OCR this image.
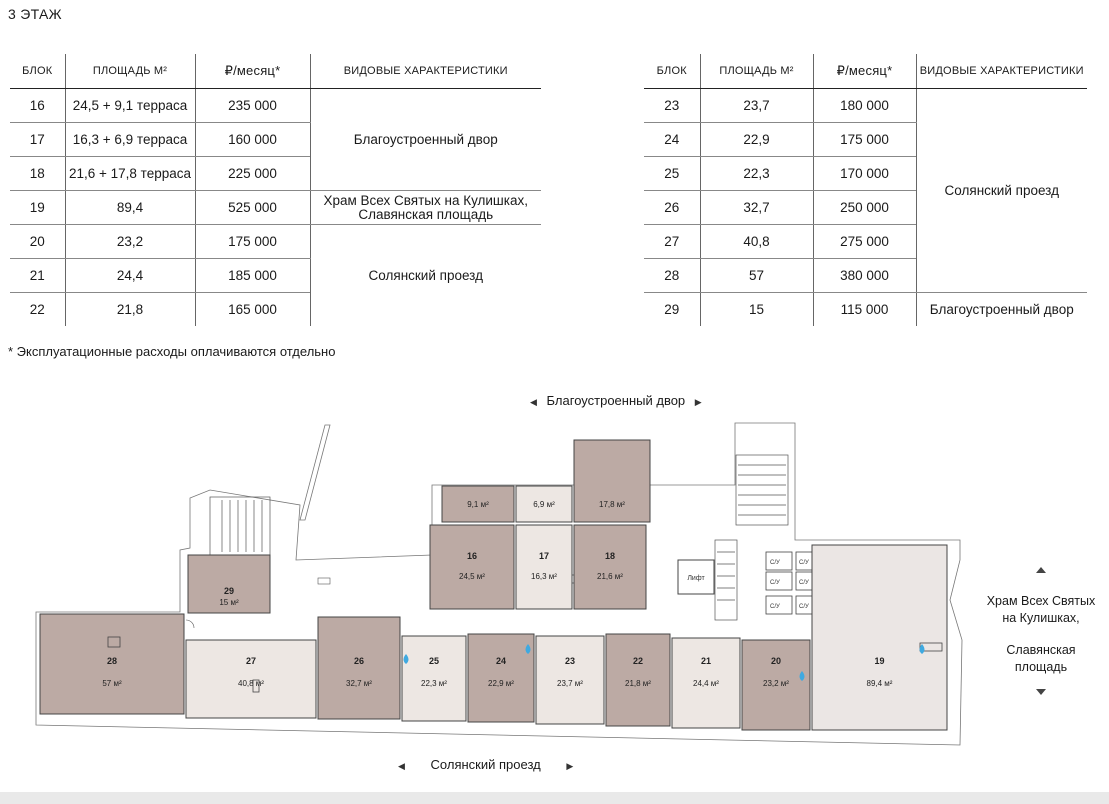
3 ЭТАЖ
БЛОК	ПЛОЩАДЬ М²	₽/месяц*	ВИДОВЫЕ ХАРАКТЕРИСТИКИ
16	24,5 + 9,1 терраса	235 000	Благоустроенный двор
17	16,3 + 6,9 терраса	160 000	
18	21,6 + 17,8 терраса	225 000	
19	89,4	525 000	Храм Всех Святых на Кулишках,
Славянская площадь

20	23,2	175 000	Солянский проезд
21	24,4	185 000	
22	21,8	165 000	
БЛОК	ПЛОЩАДЬ М²	₽/месяц*	ВИДОВЫЕ ХАРАКТЕРИСТИКИ
23	23,7	180 000	Солянский проезд
24	22,9	175 000	
25	22,3	170 000	
26	32,7	250 000	
27	40,8	275 000	
28	57	380 000	
29	15	115 000	Благоустроенный двор
* Эксплуатационные расходы оплачиваются отдельно
Лифт
С/У
С/У
С/У
С/У
С/У
С/У
28
57 м²
27
40,8 м²
26
32,7 м²
25
22,3 м²
24
22,9 м²
23
23,7 м²
22
21,8 м²
21
24,4 м²
20
23,2 м²
19
89,4 м²
29
15 м²
16
24,5 м²
17
16,3 м²
18
21,6 м²
9,1 м²	6,9 м²	17,8 м²
◀ Благоустроенный двор ▶
◀ Солянский проезд	▶
Храм Всех Святых
на Кулишках,
Славянская
площадь
